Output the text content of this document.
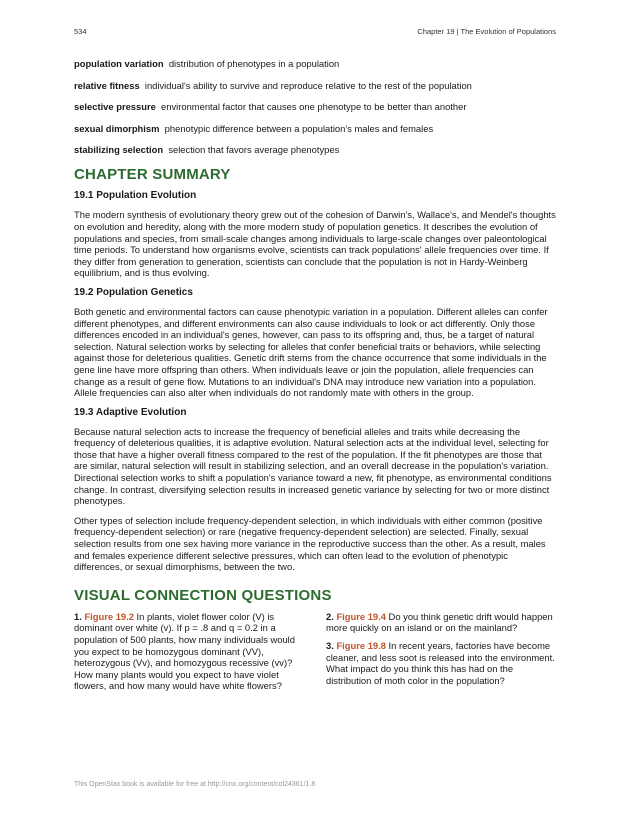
534	Chapter 19 | The Evolution of Populations

population variation distribution of phenotypes in a population

relative fitness individual's ability to survive and reproduce relative to the rest of the population

selective pressure environmental factor that causes one phenotype to be better than another

sexual dimorphism phenotypic difference between a population's males and females

stabilizing selection selection that favors average phenotypes

CHAPTER SUMMARY
19.1 Population Evolution

The modern synthesis of evolutionary theory grew out of the cohesion of Darwin's, Wallace's, and Mendel's thoughts on evolution and heredity, along with the more modern study of population genetics. It describes the evolution of populations and species, from small-scale changes among individuals to large-scale changes over paleontological time periods. To understand how organisms evolve, scientists can track populations' allele frequencies over time. If they differ from generation to generation, scientists can conclude that the population is not in Hardy-Weinberg equilibrium, and is thus evolving.

19.2 Population Genetics

Both genetic and environmental factors can cause phenotypic variation in a population. Different alleles can confer different phenotypes, and different environments can also cause individuals to look or act differently. Only those differences encoded in an individual's genes, however, can pass to its offspring and, thus, be a target of natural selection. Natural selection works by selecting for alleles that confer beneficial traits or behaviors, while selecting against those for deleterious qualities. Genetic drift stems from the chance occurrence that some individuals in the gene line have more offspring than others. When individuals leave or join the population, allele frequencies can change as a result of gene flow. Mutations to an individual's DNA may introduce new variation into a population. Allele frequencies can also alter when individuals do not randomly mate with others in the group.

19.3 Adaptive Evolution

Because natural selection acts to increase the frequency of beneficial alleles and traits while decreasing the frequency of deleterious qualities, it is adaptive evolution. Natural selection acts at the individual level, selecting for those that have a higher overall fitness compared to the rest of the population. If the fit phenotypes are those that are similar, natural selection will result in stabilizing selection, and an overall decrease in the population's variation. Directional selection works to shift a population's variance toward a new, fit phenotype, as environmental conditions change. In contrast, diversifying selection results in increased genetic variance by selecting for two or more distinct phenotypes.

Other types of selection include frequency-dependent selection, in which individuals with either common (positive frequency-dependent selection) or rare (negative frequency-dependent selection) are selected. Finally, sexual selection results from one sex having more variance in the reproductive success than the other. As a result, males and females experience different selective pressures, which can often lead to the evolution of phenotypic differences, or sexual dimorphisms, between the two.

VISUAL CONNECTION QUESTIONS

1. Figure 19.2 In plants, violet flower color (V) is dominant over white (v). If p = .8 and q = 0.2 in a population of 500 plants, how many individuals would you expect to be homozygous dominant (VV), heterozygous (Vv), and homozygous recessive (vv)? How many plants would you expect to have violet flowers, and how many would have white flowers?

2. Figure 19.4 Do you think genetic drift would happen more quickly on an island or on the mainland?

3. Figure 19.8 In recent years, factories have become cleaner, and less soot is released into the environment. What impact do you think this has had on the distribution of moth color in the population?

This OpenStax book is available for free at http://cnx.org/content/col24361/1.8
